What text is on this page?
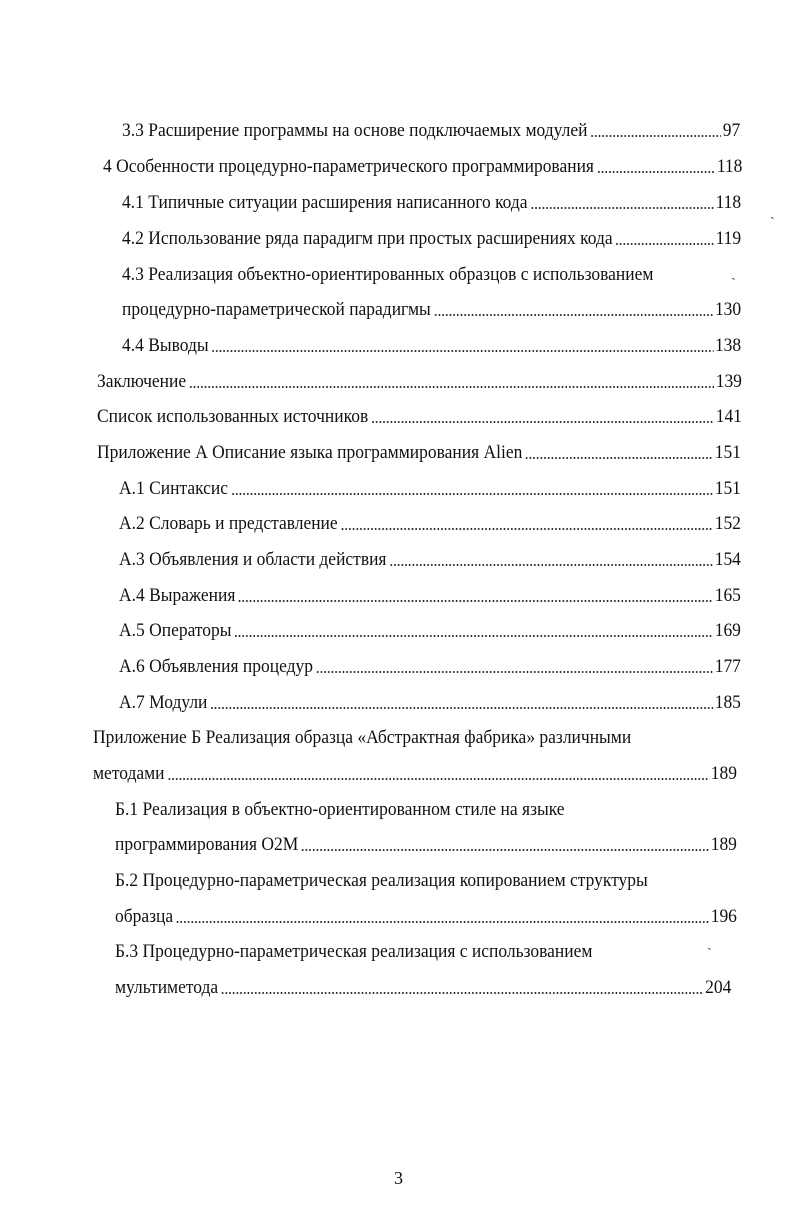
3.3 Расширение программы на основе подключаемых модулей	97
4 Особенности процедурно-параметрического программирования	118
4.1 Типичные ситуации расширения написанного кода	118
4.2 Использование ряда парадигм при простых расширениях кода	119
4.3 Реализация объектно-ориентированных образцов с использованием
процедурно-параметрической парадигмы	130
4.4 Выводы	138
Заключение	139
Список использованных источников	141
Приложение А Описание языка программирования Alien	151
А.1 Синтаксис	151
А.2 Словарь и представление	152
А.3 Объявления и области действия	154
А.4 Выражения	165
А.5 Операторы	169
А.6 Объявления процедур	177
А.7 Модули	185
Приложение Б Реализация образца «Абстрактная фабрика» различными
методами	189
Б.1 Реализация в объектно-ориентированном стиле на языке
программирования O2M	189
Б.2 Процедурно-параметрическая реализация копированием структуры
образца	196
Б.3 Процедурно-параметрическая реализация с использованием
мультиметода	204
ˏ
ˏ
ˏ
3
